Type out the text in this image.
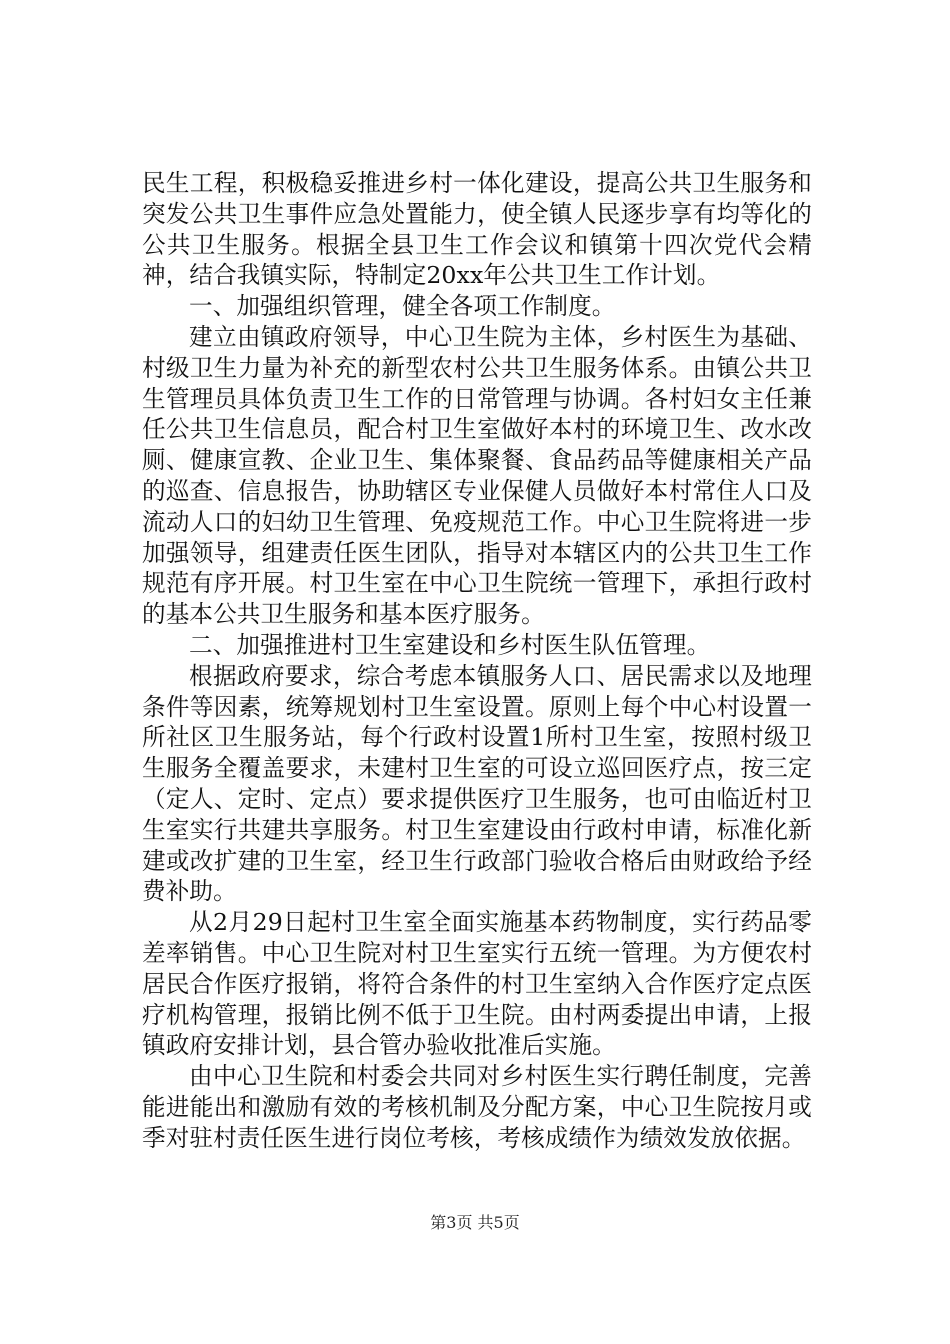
民生工程，积极稳妥推进乡村一体化建设，提高公共卫生服务和突发公共卫生事件应急处置能力，使全镇人民逐步享有均等化的公共卫生服务。根据全县卫生工作会议和镇第十四次党代会精神，结合我镇实际，特制定20xx年公共卫生工作计划。

一、加强组织管理，健全各项工作制度。

建立由镇政府领导，中心卫生院为主体，乡村医生为基础、村级卫生力量为补充的新型农村公共卫生服务体系。由镇公共卫生管理员具体负责卫生工作的日常管理与协调。各村妇女主任兼任公共卫生信息员，配合村卫生室做好本村的环境卫生、改水改厕、健康宣教、企业卫生、集体聚餐、食品药品等健康相关产品的巡查、信息报告，协助辖区专业保健人员做好本村常住人口及流动人口的妇幼卫生管理、免疫规范工作。中心卫生院将进一步加强领导，组建责任医生团队，指导对本辖区内的公共卫生工作规范有序开展。村卫生室在中心卫生院统一管理下，承担行政村的基本公共卫生服务和基本医疗服务。

二、加强推进村卫生室建设和乡村医生队伍管理。

根据政府要求，综合考虑本镇服务人口、居民需求以及地理条件等因素，统筹规划村卫生室设置。原则上每个中心村设置一所社区卫生服务站，每个行政村设置1所村卫生室，按照村级卫生服务全覆盖要求，未建村卫生室的可设立巡回医疗点，按三定（定人、定时、定点）要求提供医疗卫生服务，也可由临近村卫生室实行共建共享服务。村卫生室建设由行政村申请，标准化新建或改扩建的卫生室，经卫生行政部门验收合格后由财政给予经费补助。

从2月29日起村卫生室全面实施基本药物制度，实行药品零差率销售。中心卫生院对村卫生室实行五统一管理。为方便农村居民合作医疗报销，将符合条件的村卫生室纳入合作医疗定点医疗机构管理，报销比例不低于卫生院。由村两委提出申请，上报镇政府安排计划，县合管办验收批准后实施。

由中心卫生院和村委会共同对乡村医生实行聘任制度，完善能进能出和激励有效的考核机制及分配方案，中心卫生院按月或季对驻村责任医生进行岗位考核，考核成绩作为绩效发放依据。

第3页 共5页
